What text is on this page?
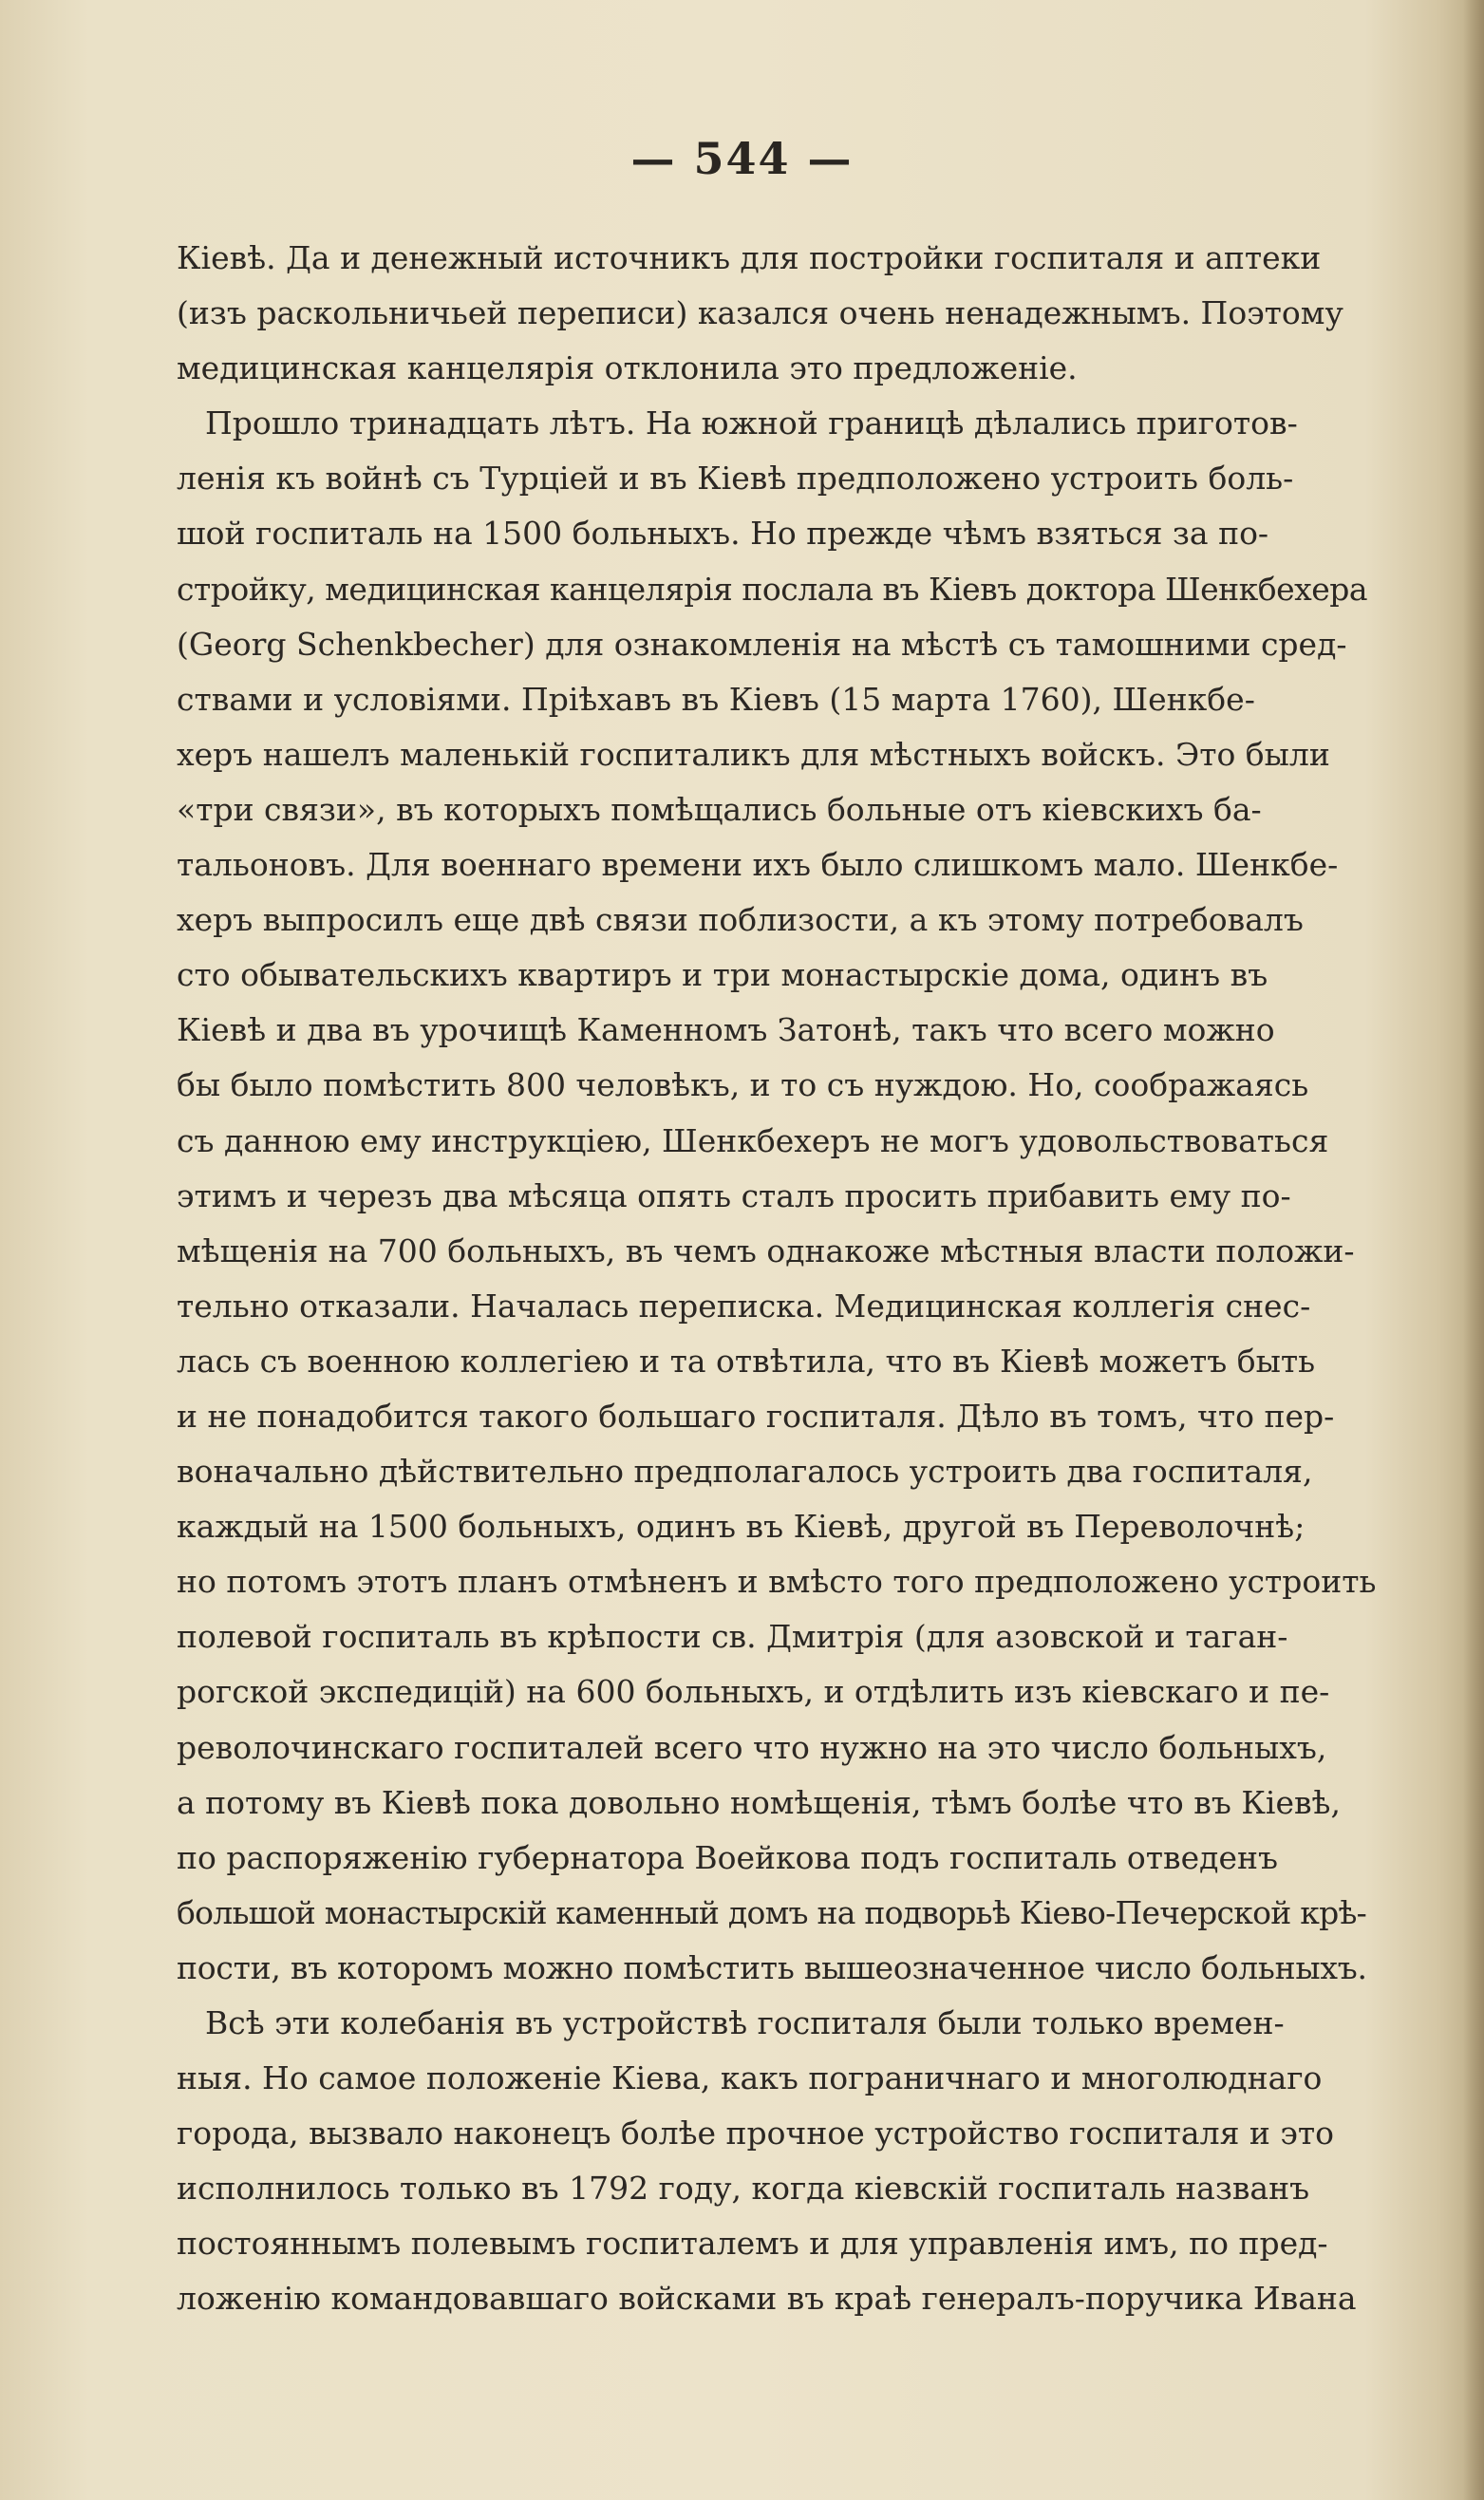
— 544 —
Кіевѣ. Да и денежный источникъ для постройки госпиталя и аптеки
(изъ раскольничьей переписи) казался очень ненадежнымъ. Поэтому
медицинская канцелярія отклонила это предложеніе.
Прошло тринадцать лѣтъ. На южной границѣ дѣлались приготов-
ленія къ войнѣ съ Турціей и въ Кіевѣ предположено устроить боль-
шой госпиталь на 1500 больныхъ. Но прежде чѣмъ взяться за по-
стройку, медицинская канцелярія послала въ Кіевъ доктора Шенкбехера
(Georg Schenkbecher) для ознакомленія на мѣстѣ съ тамошними сред-
ствами и условіями. Пріѣхавъ въ Кіевъ (15 марта 1760), Шенкбе-
херъ нашелъ маленькій госпиталикъ для мѣстныхъ войскъ. Это были
«три связи», въ которыхъ помѣщались больные отъ кіевскихъ ба-
тальоновъ. Для военнаго времени ихъ было слишкомъ мало. Шенкбе-
херъ выпросилъ еще двѣ связи поблизости, а къ этому потребовалъ
сто обывательскихъ квартиръ и три монастырскіе дома, одинъ въ
Кіевѣ и два въ урочищѣ Каменномъ Затонѣ, такъ что всего можно
бы было помѣстить 800 человѣкъ, и то съ нуждою. Но, соображаясь
съ данною ему инструкціею, Шенкбехеръ не могъ удовольствоваться
этимъ и черезъ два мѣсяца опять сталъ просить прибавить ему по-
мѣщенія на 700 больныхъ, въ чемъ однакоже мѣстныя власти положи-
тельно отказали. Началась переписка. Медицинская коллегія снес-
лась съ военною коллегіею и та отвѣтила, что въ Кіевѣ можетъ быть
и не понадобится такого большаго госпиталя. Дѣло въ томъ, что пер-
воначально дѣйствительно предполагалось устроить два госпиталя,
каждый на 1500 больныхъ, одинъ въ Кіевѣ, другой въ Переволочнѣ;
но потомъ этотъ планъ отмѣненъ и вмѣсто того предположено устроить
полевой госпиталь въ крѣпости св. Дмитрія (для азовской и таган-
рогской экспедицій) на 600 больныхъ, и отдѣлить изъ кіевскаго и пе-
револочинскаго госпиталей всего что нужно на это число больныхъ,
а потому въ Кіевѣ пока довольно номѣщенія, тѣмъ болѣе что въ Кіевѣ,
по распоряженію губернатора Воейкова подъ госпиталь отведенъ
большой монастырскій каменный домъ на подворьѣ Кіево-Печерской крѣ-
пости, въ которомъ можно помѣстить вышеозначенное число больныхъ.
Всѣ эти колебанія въ устройствѣ госпиталя были только времен-
ныя. Но самое положеніе Кіева, какъ пограничнаго и многолюднаго
города, вызвало наконецъ болѣе прочное устройство госпиталя и это
исполнилось только въ 1792 году, когда кіевскій госпиталь названъ
постояннымъ полевымъ госпиталемъ и для управленія имъ, по пред-
ложенію командовавшаго войсками въ краѣ генералъ-поручика Ивана
